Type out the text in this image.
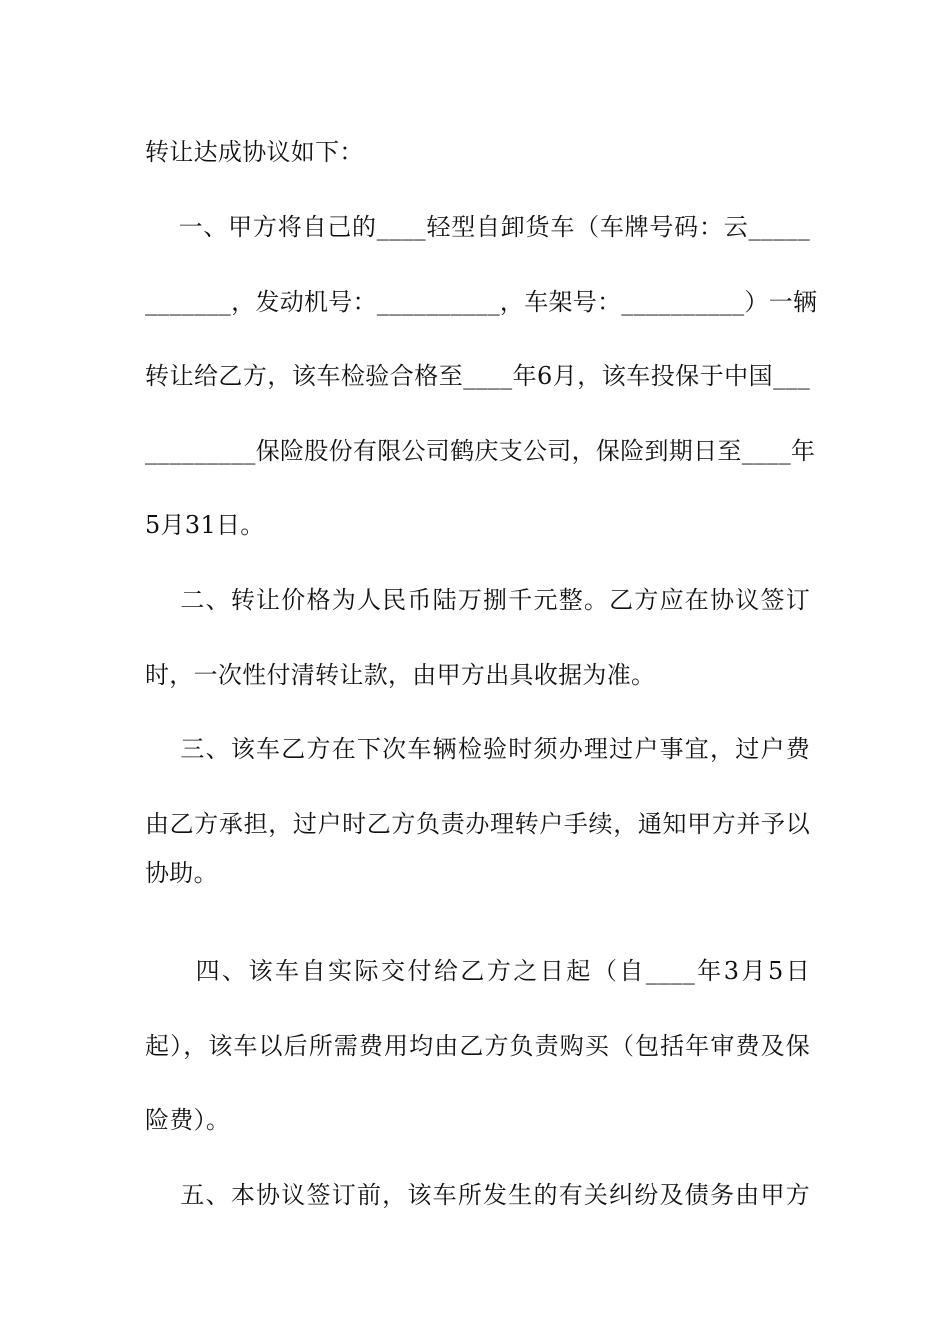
转让达成协议如下：
一、甲方将自己的____轻型自卸货车（车牌号码：云_____
_______，发动机号：__________，车架号：__________）一辆
转让给乙方，该车检验合格至____年6月，该车投保于中国___
_________保险股份有限公司鹤庆支公司，保险到期日至____年
5月31日。
二、转让价格为人民币陆万捌千元整。乙方应在协议签订
时，一次性付清转让款，由甲方出具收据为准。
三、该车乙方在下次车辆检验时须办理过户事宜，过户费
由乙方承担，过户时乙方负责办理转户手续，通知甲方并予以
协助。
四、该车自实际交付给乙方之日起（自____年3月5日
起），该车以后所需费用均由乙方负责购买（包括年审费及保
险费）。
五、本协议签订前，该车所发生的有关纠纷及债务由甲方
